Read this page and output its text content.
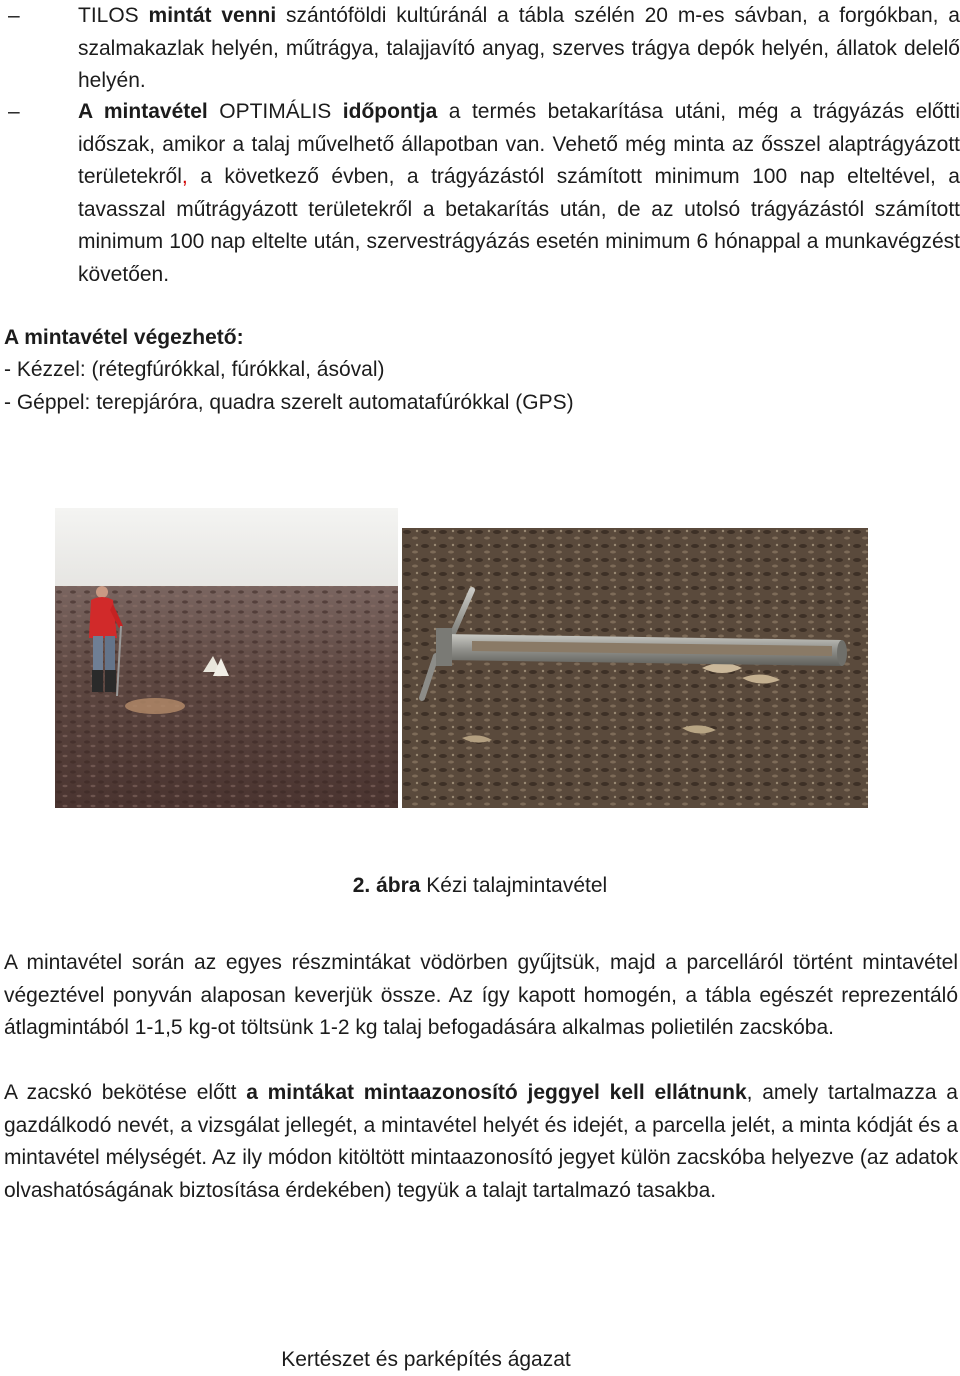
–	TILOS mintát venni szántóföldi kultúránál a tábla szélén 20 m-es sávban, a forgókban, a szalmakazlak helyén, műtrágya, talajjavító anyag, szerves trágya depók helyén, állatok delelő helyén.
–	A mintavétel OPTIMÁLIS időpontja a termés betakarítása utáni, még a trágyázás előtti időszak, amikor a talaj művelhető állapotban van. Vehető még minta az ősszel alaptrágyázott területekről, a következő évben, a trágyázástól számított minimum 100 nap elteltével, a tavasszal műtrágyázott területekről a betakarítás után, de az utolsó trágyázástól számított minimum 100 nap eltelte után, szervestrágyázás esetén minimum 6 hónappal a munkavégzést követően.
A mintavétel végezhető:
- Kézzel: (rétegfúrókkal, fúrókkal, ásóval)
- Géppel: terepjáróra, quadra szerelt automatafúrókkal (GPS)
2. ábra Kézi talajmintavétel
A mintavétel során az egyes részmintákat vödörben gyűjtsük, majd a parcelláról történt mintavétel végeztével ponyván alaposan keverjük össze. Az így kapott homogén, a tábla egészét reprezentáló átlagmintából 1-1,5 kg-ot töltsünk 1-2 kg talaj befogadására alkalmas polietilén zacskóba.
A zacskó bekötése előtt a mintákat mintaazonosító jeggyel kell ellátnunk, amely tartalmazza a gazdálkodó nevét, a vizsgálat jellegét, a mintavétel helyét és idejét, a parcella jelét, a minta kódját és a mintavétel mélységét. Az ily módon kitöltött mintaazonosító jegyet külön zacskóba helyezve (az adatok olvashatóságának biztosítása érdekében) tegyük a talajt tartalmazó tasakba.
Kertészet és parképítés ágazat
